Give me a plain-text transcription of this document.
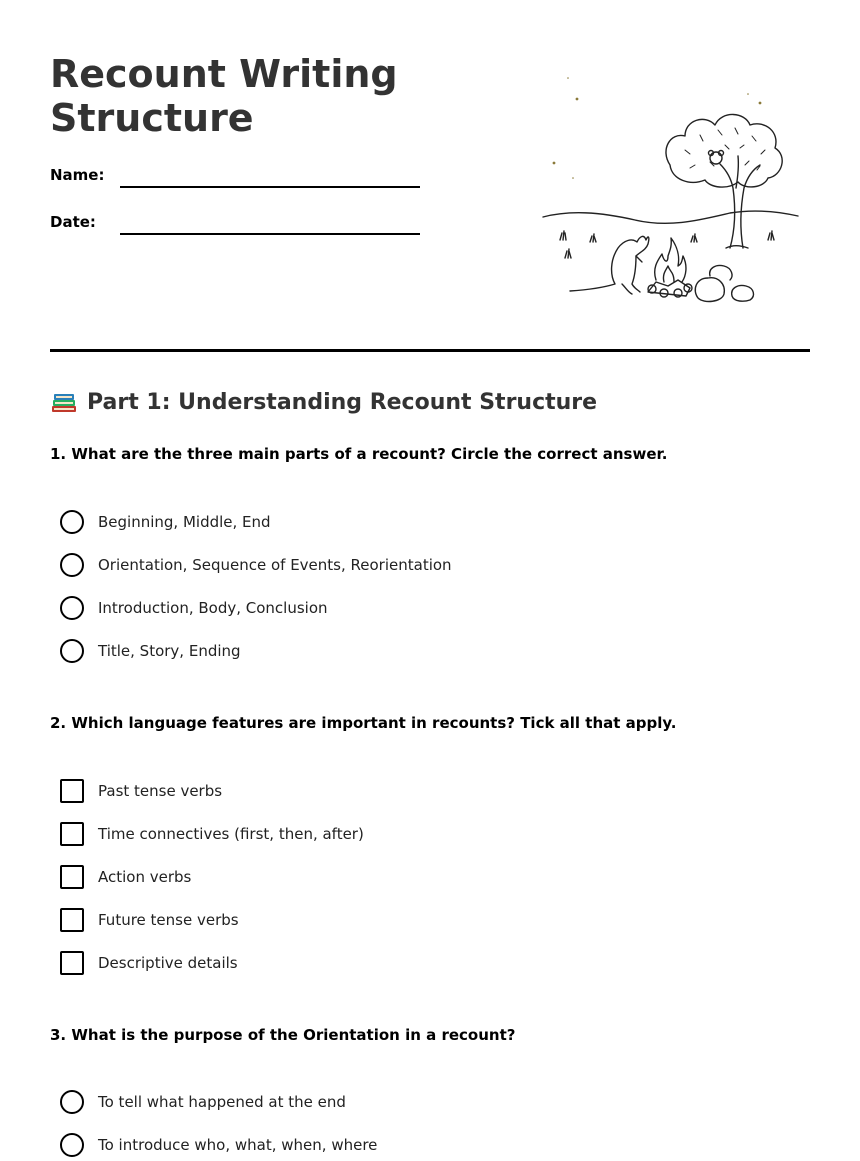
Recount Writing Structure
Name:
Date:
Part 1: Understanding Recount Structure

1. What are the three main parts of a recount? Circle the correct answer.

Beginning, Middle, End
Orientation, Sequence of Events, Reorientation
Introduction, Body, Conclusion
Title, Story, Ending

2. Which language features are important in recounts? Tick all that apply.

Past tense verbs
Time connectives (first, then, after)
Action verbs
Future tense verbs
Descriptive details

3. What is the purpose of the Orientation in a recount?

To tell what happened at the end
To introduce who, what, when, where
